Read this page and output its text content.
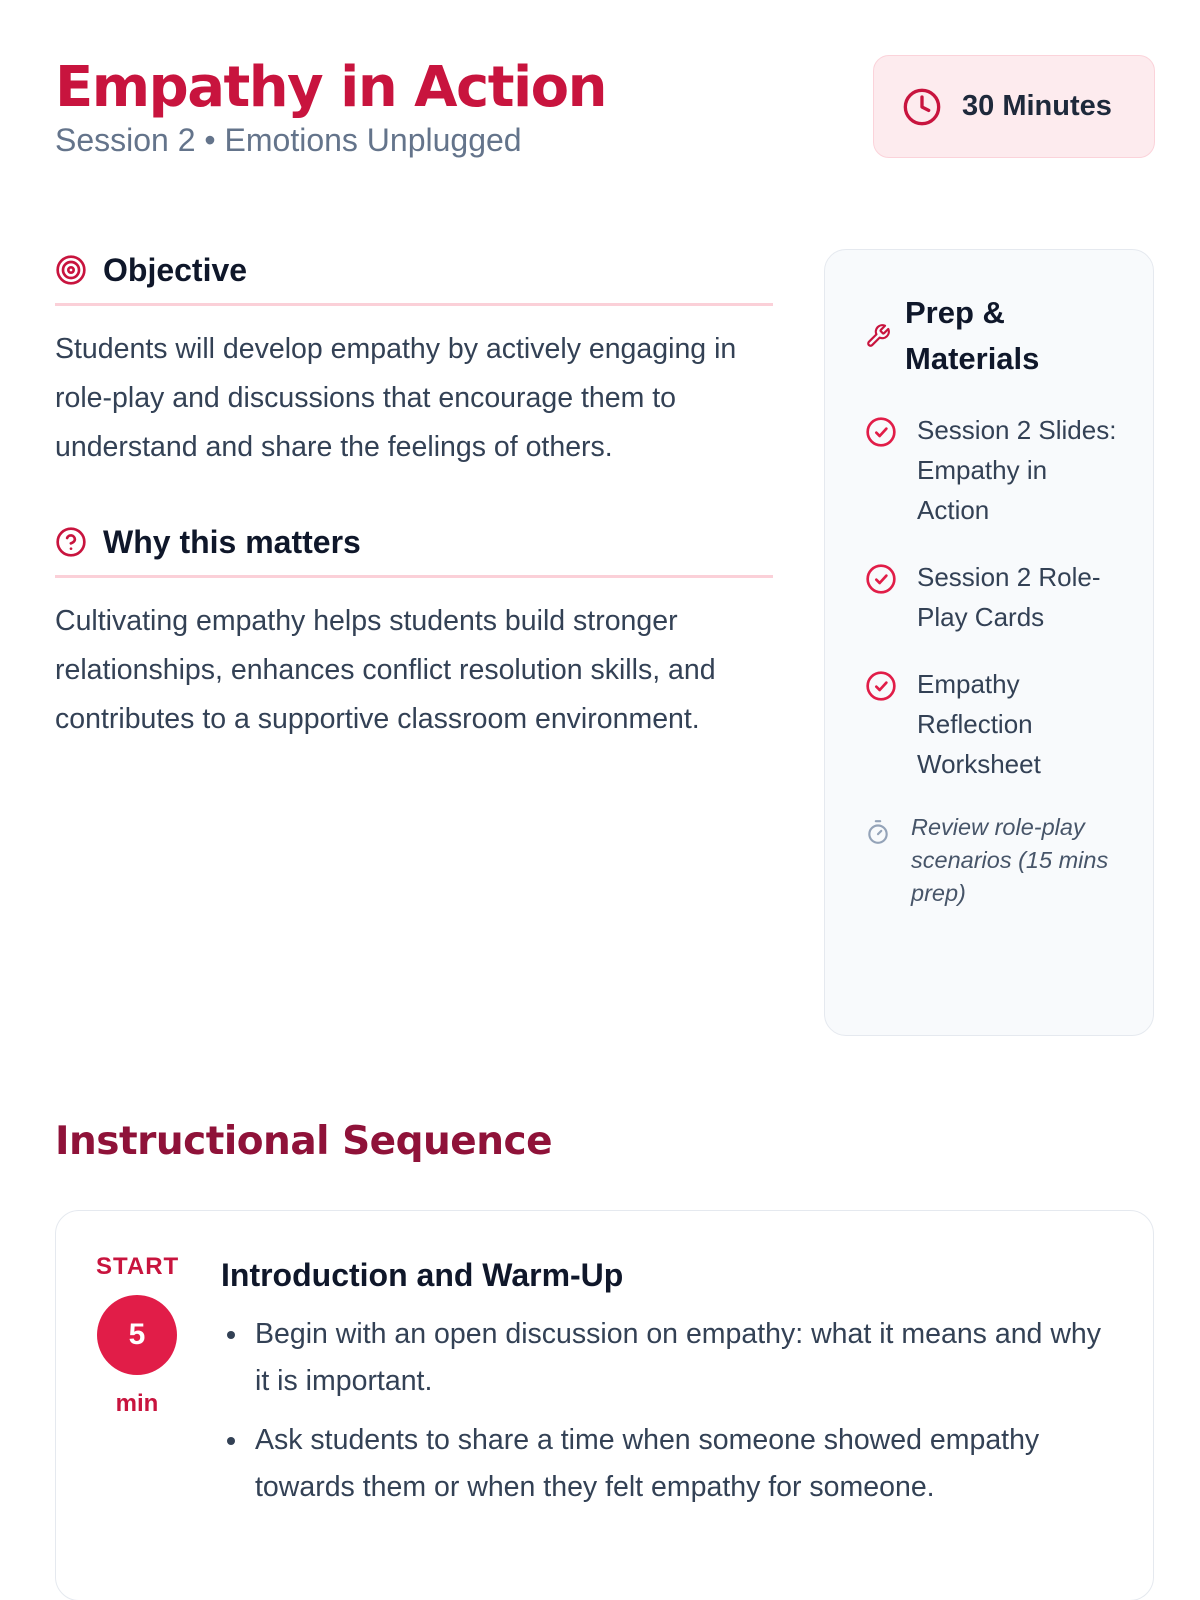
Empathy in Action
Session 2 • Emotions Unplugged
30 Minutes
Objective

Students will develop empathy by actively engaging in role-play and discussions that encourage them to understand and share the feelings of others.

Why this matters

Cultivating empathy helps students build stronger relationships, enhances conflict resolution skills, and contributes to a supportive classroom environment.

Prep & Materials
Session 2 Slides: Empathy in Action
Session 2 Role-Play Cards
Empathy Reflection Worksheet
Review role-play scenarios (15 mins prep)
Instructional Sequence
START
5
min
Introduction and Warm-Up
Begin with an open discussion on empathy: what it means and why it is important.
Ask students to share a time when someone showed empathy towards them or when they felt empathy for someone.
